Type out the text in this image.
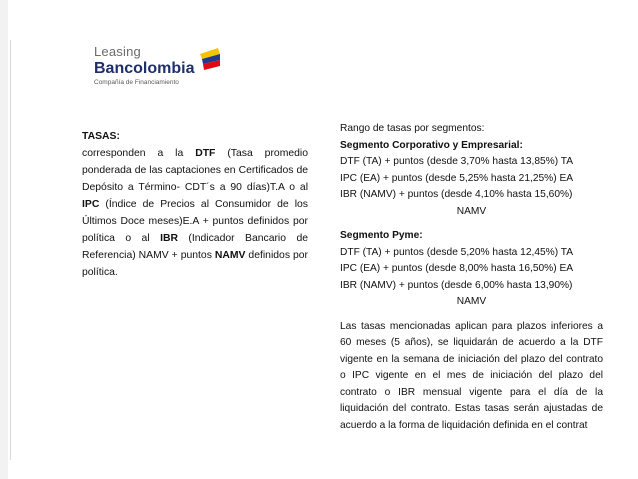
Leasing
Bancolombia
Compañía de Financiamiento
TASAS:
corresponden a la DTF (Tasa promedio ponderada de las captaciones en Certificados de Depósito a Término- CDT´s a 90 días)T.A o al IPC (Índice de Precios al Consumidor de los Últimos Doce meses)E.A + puntos definidos por política o al IBR (Indicador Bancario de Referencia) NAMV + puntos NAMV definidos por política.

Rango de tasas por segmentos:

Segmento Corporativo y Empresarial:

DTF (TA) + puntos (desde 3,70% hasta 13,85%) TA

IPC (EA) + puntos (desde 5,25% hasta 21,25%) EA

IBR (NAMV) + puntos (desde 4,10% hasta 15,60%)

NAMV

Segmento Pyme:

DTF (TA) + puntos (desde 5,20% hasta 12,45%) TA

IPC (EA) + puntos (desde 8,00% hasta 16,50%) EA

IBR (NAMV) + puntos (desde 6,00% hasta 13,90%)

NAMV

Las tasas mencionadas aplican para plazos inferiores a 60 meses (5 años), se liquidarán de acuerdo a la DTF vigente en la semana de iniciación del plazo del contrato o IPC vigente en el mes de iniciación del plazo del contrato o IBR mensual vigente para el día de la liquidación del contrato. Estas tasas serán ajustadas de acuerdo a la forma de liquidación definida en el contrat
